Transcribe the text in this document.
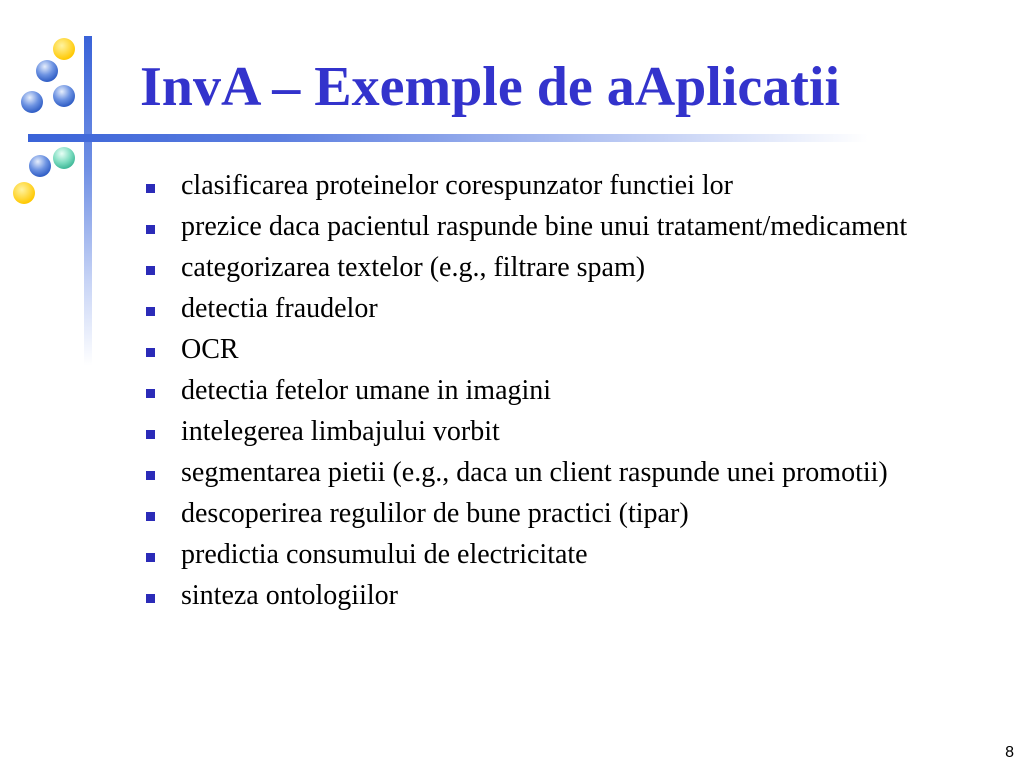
InvA – Exemple de aAplicatii
clasificarea proteinelor corespunzator functiei lor
prezice daca pacientul raspunde bine unui tratament/medicament
categorizarea textelor (e.g., filtrare spam)
detectia fraudelor
OCR
detectia fetelor umane in imagini
intelegerea limbajului vorbit
segmentarea pietii (e.g., daca un client raspunde unei promotii)
descoperirea regulilor de bune practici (tipar)
predictia consumului de electricitate
sinteza ontologiilor
8
